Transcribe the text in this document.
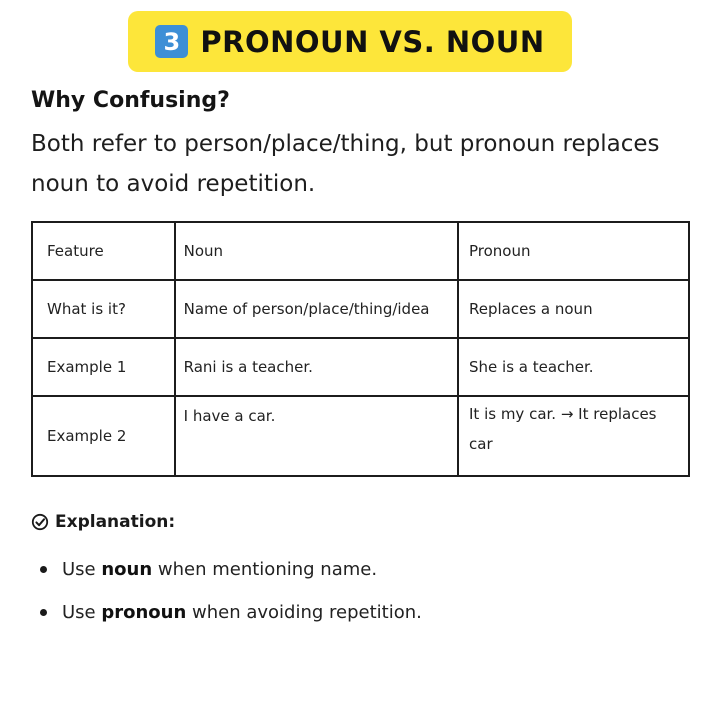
3 PRONOUN VS. NOUN
Why Confusing?

Both refer to person/place/thing, but pronoun replaces noun to avoid repetition.

Feature	Noun	Pronoun
What is it?	Name of person/place/thing/idea	Replaces a noun
Example 1	Rani is a teacher.	She is a teacher.
Example 2	I have a car.	It is my car. → It replaces car
Explanation:
Use noun when mentioning name.
Use pronoun when avoiding repetition.
